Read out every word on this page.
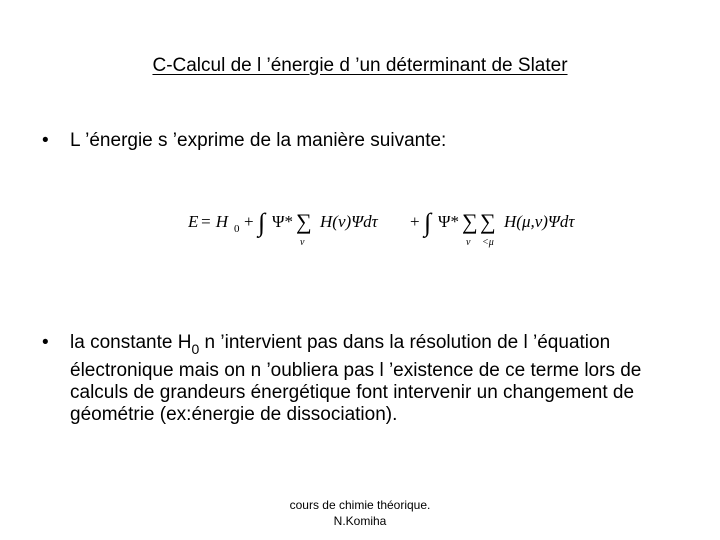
C-Calcul de l ’énergie d ’un déterminant de Slater
•	L ’énergie s ’exprime de la manière suivante:
E = H 0 + ∫ Ψ* ∑
ν
H(ν)Ψdτ + ∫ Ψ* ∑
ν
∑
<μ
H(μ,ν)Ψdτ
•	la constante $H_0$ n ’intervient pas dans la résolution de l ’équation électronique mais on n ’oubliera pas l ’existence de ce terme lors de calculs de grandeurs énergétique font intervenir un changement de géométrie (ex:énergie de dissociation).
cours de chimie théorique.
N.Komiha
